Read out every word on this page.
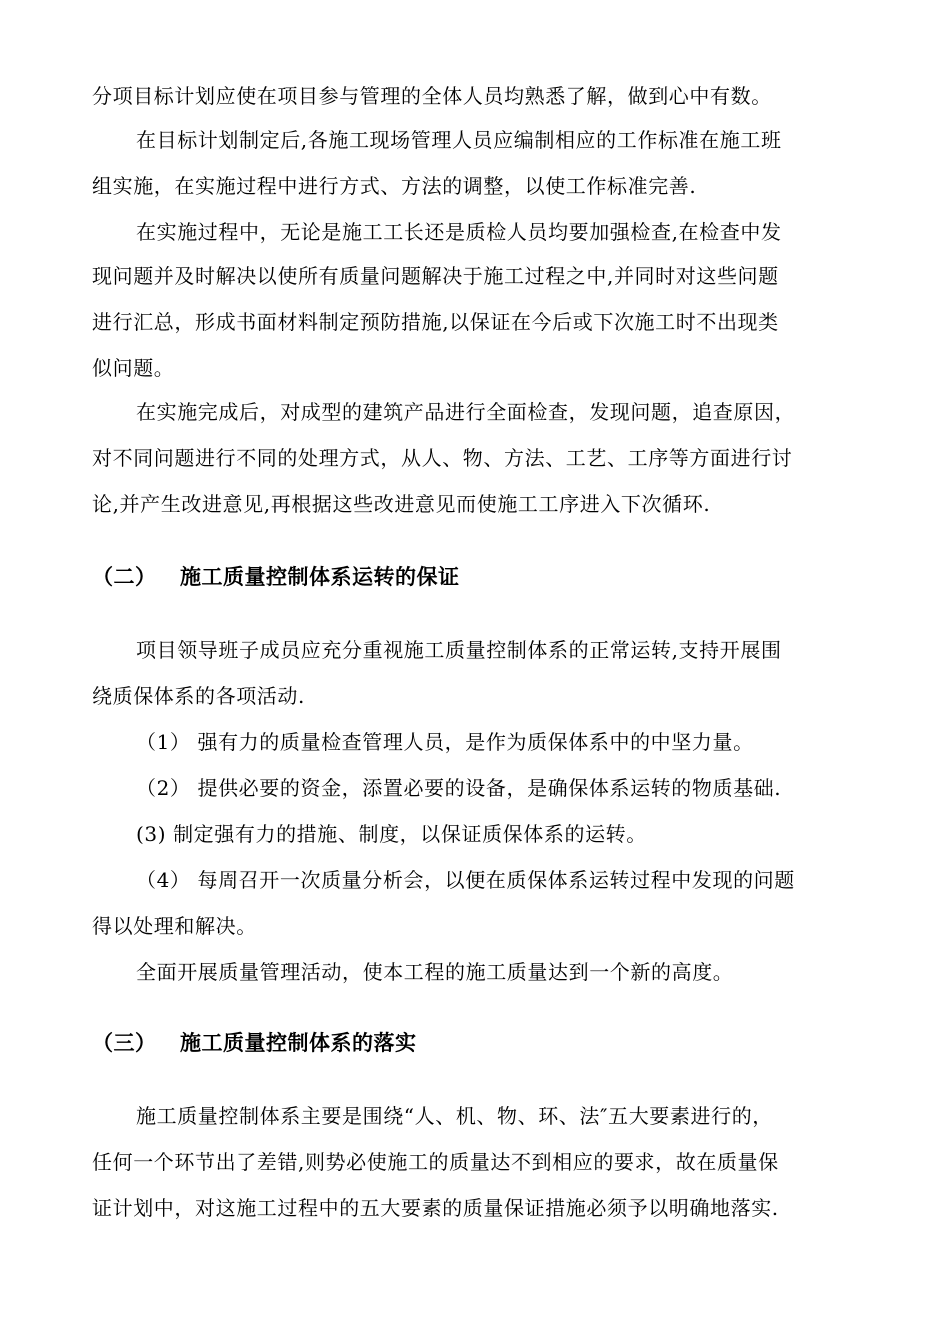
分项目标计划应使在项目参与管理的全体人员均熟悉了解，做到心中有数。
在目标计划制定后,各施工现场管理人员应编制相应的工作标准在施工班
组实施，在实施过程中进行方式、方法的调整，以使工作标准完善.
在实施过程中，无论是施工工长还是质检人员均要加强检查,在检查中发
现问题并及时解决以使所有质量问题解决于施工过程之中,并同时对这些问题
进行汇总，形成书面材料制定预防措施,以保证在今后或下次施工时不出现类
似问题。
在实施完成后，对成型的建筑产品进行全面检查，发现问题，追查原因，
对不同问题进行不同的处理方式，从人、物、方法、工艺、工序等方面进行讨
论,并产生改进意见,再根据这些改进意见而使施工工序进入下次循环.
（二） 施工质量控制体系运转的保证
项目领导班子成员应充分重视施工质量控制体系的正常运转,支持开展围
绕质保体系的各项活动.
（1） 强有力的质量检查管理人员，是作为质保体系中的中坚力量。
（2） 提供必要的资金，添置必要的设备，是确保体系运转的物质基础.
(3) 制定强有力的措施、制度，以保证质保体系的运转。
（4） 每周召开一次质量分析会，以便在质保体系运转过程中发现的问题
得以处理和解决。
全面开展质量管理活动，使本工程的施工质量达到一个新的高度。
（三） 施工质量控制体系的落实
施工质量控制体系主要是围绕“人、机、物、环、法″五大要素进行的，
任何一个环节出了差错,则势必使施工的质量达不到相应的要求，故在质量保
证计划中，对这施工过程中的五大要素的质量保证措施必须予以明确地落实.
